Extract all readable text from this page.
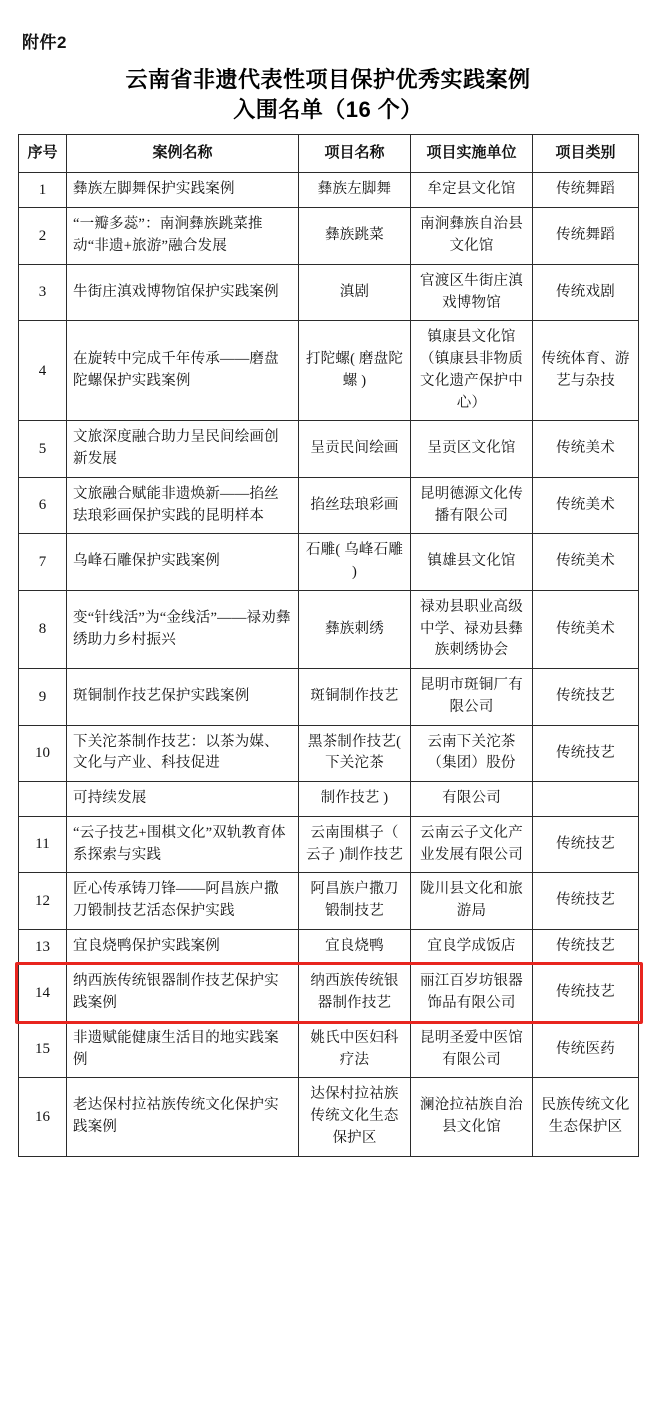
附件2
云南省非遗代表性项目保护优秀实践案例
入围名单（16 个）
序号	案例名称	项目名称	项目实施单位	项目类别
1	彝族左脚舞保护实践案例	彝族左脚舞	牟定县文化馆	传统舞蹈
2	“一瓣多蕊”：南涧彝族跳菜推动“非遗+旅游”融合发展	彝族跳菜	南涧彝族自治县文化馆	传统舞蹈
3	牛街庄滇戏博物馆保护实践案例	滇剧	官渡区牛街庄滇戏博物馆	传统戏剧
4	在旋转中完成千年传承——磨盘陀螺保护实践案例	打陀螺( 磨盘陀螺 )	镇康县文化馆（镇康县非物质文化遗产保护中心）	传统体育、游艺与杂技
5	文旅深度融合助力呈民间绘画创新发展	呈贡民间绘画	呈贡区文化馆	传统美术
6	文旅融合赋能非遗焕新——掐丝珐琅彩画保护实践的昆明样本	掐丝珐琅彩画	昆明德源文化传播有限公司	传统美术
7	乌峰石雕保护实践案例	石雕( 乌峰石雕 )	镇雄县文化馆	传统美术
8	变“针线活”为“金线活”——禄劝彝绣助力乡村振兴	彝族刺绣	禄劝县职业高级中学、禄劝县彝族刺绣协会	传统美术
9	斑铜制作技艺保护实践案例	斑铜制作技艺	昆明市斑铜厂有限公司	传统技艺
10	下关沱茶制作技艺：以茶为媒、文化与产业、科技促进	黑茶制作技艺( 下关沱茶	云南下关沱茶（集团）股份	传统技艺
	可持续发展	制作技艺 )	有限公司	
11	“云子技艺+围棋文化”双轨教育体系探索与实践	云南围棋子（ 云子 )制作技艺	云南云子文化产业发展有限公司	传统技艺
12	匠心传承铸刀锋——阿昌族户撒刀锻制技艺活态保护实践	阿昌族户撒刀锻制技艺	陇川县文化和旅游局	传统技艺
13	宜良烧鸭保护实践案例	宜良烧鸭	宜良学成饭店	传统技艺
14	纳西族传统银器制作技艺保护实践案例	纳西族传统银器制作技艺	丽江百岁坊银器饰品有限公司	传统技艺
15	非遗赋能健康生活目的地实践案例	姚氏中医妇科疗法	昆明圣爱中医馆有限公司	传统医药
16	老达保村拉祜族传统文化保护实践案例	达保村拉祜族传统文化生态保护区	澜沧拉祜族自治县文化馆	民族传统文化生态保护区
